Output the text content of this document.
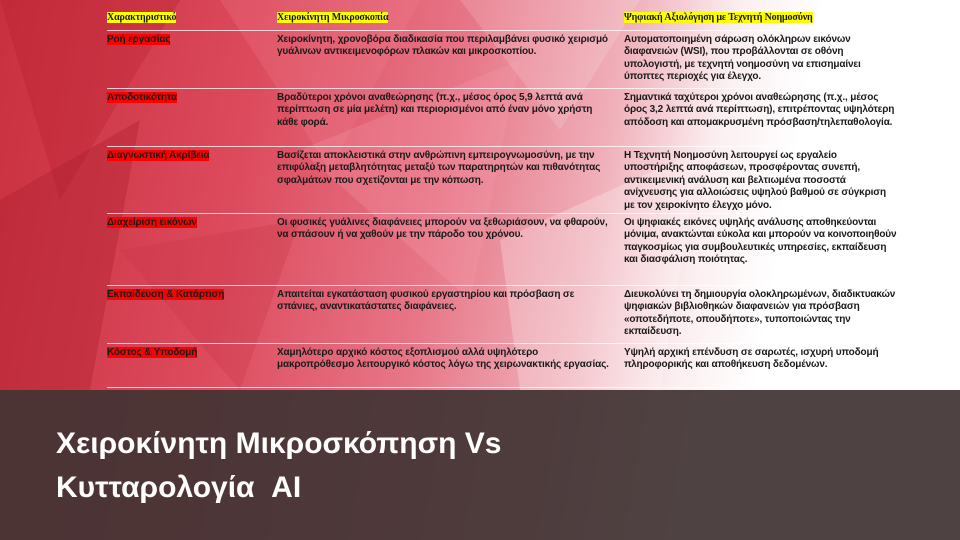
Χαρακτηριστικό	Χειροκίνητη Μικροσκοπία	Ψηφιακή Αξιολόγηση με Τεχνητή Νοημοσύνη
Ροή εργασίας	Χειροκίνητη, χρονοβόρα διαδικασία που περιλαμβάνει φυσικό χειρισμό γυάλινων αντικειμενοφόρων πλακών και μικροσκοπίου.	Αυτοματοποιημένη σάρωση ολόκληρων εικόνων διαφανειών (WSI), που προβάλλονται σε οθόνη υπολογιστή, με τεχνητή νοημοσύνη να επισημαίνει ύποπτες περιοχές για έλεγχο.
Αποδοτικότητα	Βραδύτεροι χρόνοι αναθεώρησης (π.χ., μέσος όρος 5,9 λεπτά ανά περίπτωση σε μία μελέτη) και περιορισμένοι από έναν μόνο χρήστη κάθε φορά.	Σημαντικά ταχύτεροι χρόνοι αναθεώρησης (π.χ., μέσος όρος 3,2 λεπτά ανά περίπτωση), επιτρέποντας υψηλότερη απόδοση και απομακρυσμένη πρόσβαση/τηλεπαθολογία.
Διαγνωστική Ακρίβεια	Βασίζεται αποκλειστικά στην ανθρώπινη εμπειρογνωμοσύνη, με την επιφύλαξη μεταβλητότητας μεταξύ των παρατηρητών και πιθανότητας σφαλμάτων που σχετίζονται με την κόπωση.	Η Τεχνητή Νοημοσύνη λειτουργεί ως εργαλείο υποστήριξης αποφάσεων, προσφέροντας συνεπή, αντικειμενική ανάλυση και βελτιωμένα ποσοστά ανίχνευσης για αλλοιώσεις υψηλού βαθμού σε σύγκριση με τον χειροκίνητο έλεγχο μόνο.
Διαχείριση εικόνων	Οι φυσικές γυάλινες διαφάνειες μπορούν να ξεθωριάσουν, να φθαρούν, να σπάσουν ή να χαθούν με την πάροδο του χρόνου.	Οι ψηφιακές εικόνες υψηλής ανάλυσης αποθηκεύονται μόνιμα, ανακτώνται εύκολα και μπορούν να κοινοποιηθούν παγκοσμίως για συμβουλευτικές υπηρεσίες, εκπαίδευση και διασφάλιση ποιότητας.
Εκπαίδευση & Κατάρτιση	Απαιτείται εγκατάσταση φυσικού εργαστηρίου και πρόσβαση σε σπάνιες, αναντικατάστατες διαφάνειες.	Διευκολύνει τη δημιουργία ολοκληρωμένων, διαδικτυακών ψηφιακών βιβλιοθηκών διαφανειών για πρόσβαση «οποτεδήποτε, οπουδήποτε», τυποποιώντας την εκπαίδευση.
Κόστος & Υποδομή	Χαμηλότερο αρχικό κόστος εξοπλισμού αλλά υψηλότερο μακροπρόθεσμο λειτουργικό κόστος λόγω της χειρωνακτικής εργασίας.	Υψηλή αρχική επένδυση σε σαρωτές, ισχυρή υποδομή πληροφορικής και αποθήκευση δεδομένων.
Χειροκίνητη Μικροσκόπηση Vs
Κυτταρολογία  AI
